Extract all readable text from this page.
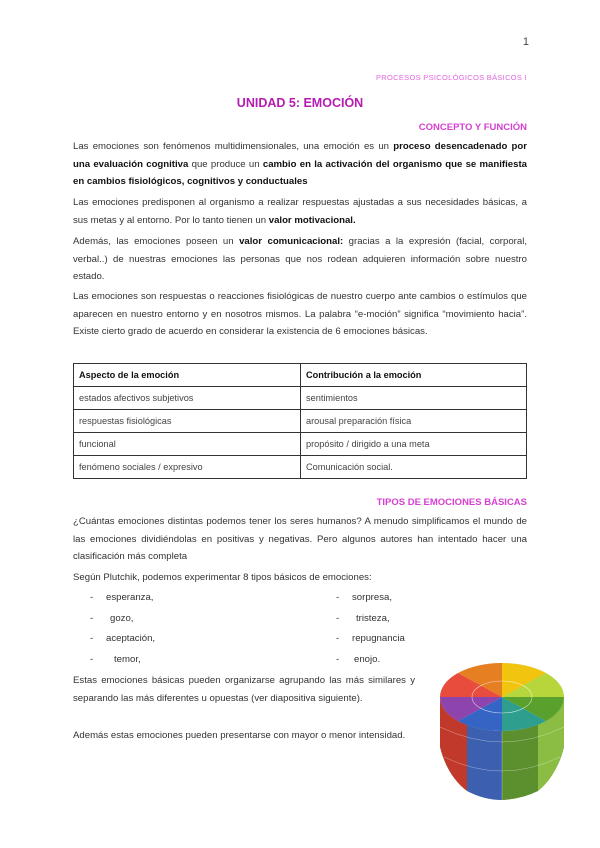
1
PROCESOS PSICOLÓGICOS BÁSICOS I
UNIDAD 5: EMOCIÓN
CONCEPTO Y FUNCIÓN

Las emociones son fenómenos multidimensionales, una emoción es un proceso desencadenado por una evaluación cognitiva que produce un cambio en la activación del organismo que se manifiesta en cambios fisiológicos, cognitivos y conductuales

Las emociones predisponen al organismo a realizar respuestas ajustadas a sus necesidades básicas, a sus metas y al entorno. Por lo tanto tienen un valor motivacional.

Además, las emociones poseen un valor comunicacional: gracias a la expresión (facial, corporal, verbal..) de nuestras emociones las personas que nos rodean adquieren información sobre nuestro estado.

Las emociones son respuestas o reacciones fisiológicas de nuestro cuerpo ante cambios o estímulos que aparecen en nuestro entorno y en nosotros mismos. La palabra “e-moción” significa “movimiento hacia”. Existe cierto grado de acuerdo en considerar la existencia de 6 emociones básicas.

Aspecto de la emoción	Contribución a la emoción
estados afectivos subjetivos	sentimientos
respuestas fisiológicas	arousal preparación física
funcional	propósito / dirigido a una meta
fenómeno sociales / expresivo	Comunicación social.
TIPOS DE EMOCIONES BÁSICAS

¿Cuántas emociones distintas podemos tener los seres humanos? A menudo simplificamos el mundo de las emociones dividiéndolas en positivas y negativas. Pero algunos autores han intentado hacer una clasificación más completa

Según Plutchik, podemos experimentar 8 tipos básicos de emociones:

-	esperanza,
-	gozo,
-	aceptación,
-	temor,
-	sorpresa,
-	tristeza,
-	repugnancia
-	enojo.

Estas emociones básicas pueden organizarse agrupando las más similares y separando las más diferentes u opuestas (ver diapositiva siguiente).

Además estas emociones pueden presentarse con mayor o menor intensidad.
